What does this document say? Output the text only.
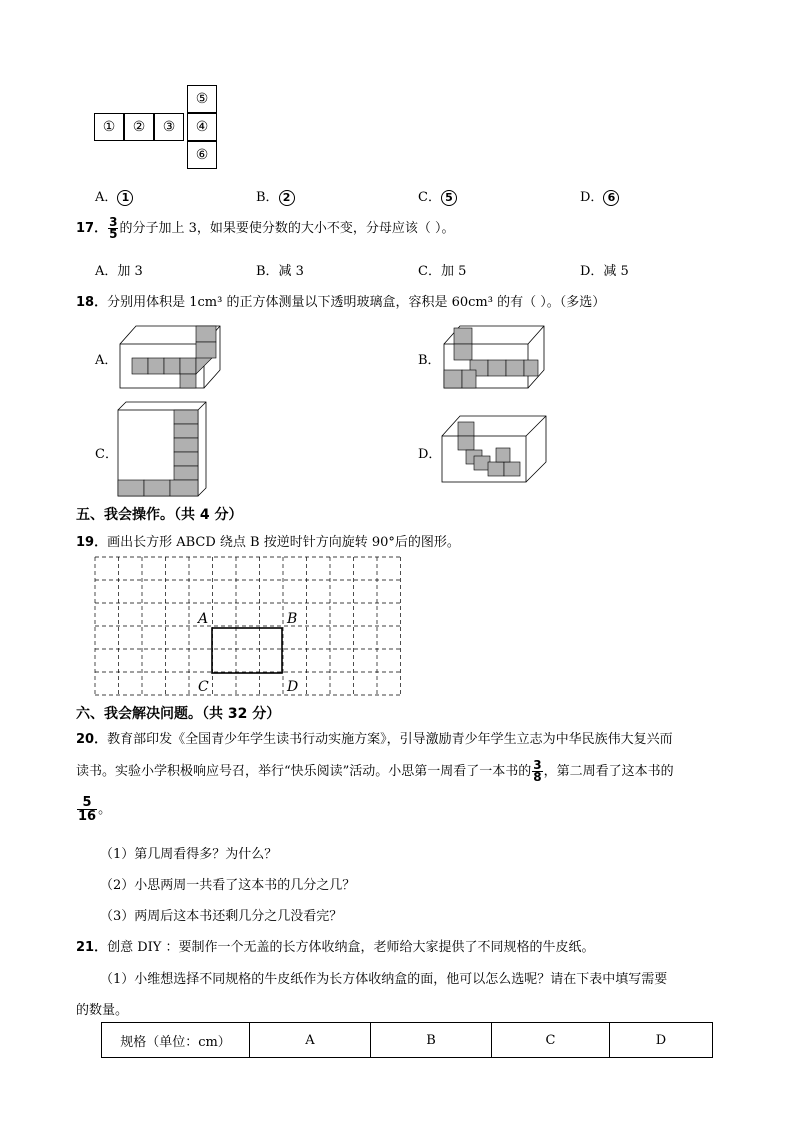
①	②	③	④
⑤
⑥
A． 1	B． 2	C． 5	D． 6
17． $\frac{3}{5}$ 的分子加上 3，如果要使分数的大小不变，分母应该（ ）。
A．加 3	B．减 3	C．加 5	D．减 5
18．分别用体积是 1cm³ 的正方体测量以下透明玻璃盒，容积是 60cm³ 的有（ ）。（多选）
A．	B．
C．	D．
五、我会操作。（共 4 分）
19．画出长方形 ABCD 绕点 B 按逆时针方向旋转 90°后的图形。
A	B
C	D
六、我会解决问题。（共 32 分）
20．教育部印发《全国青少年学生读书行动实施方案》，引导激励青少年学生立志为中华民族伟大复兴而
读书。实验小学积极响应号召，举行“快乐阅读”活动。小思第一周看了一本书的 $\frac{3}{8}$ ，第二周看了这本书的
$\frac{5}{16}$ 。
（1）第几周看得多？为什么？
（2）小思两周一共看了这本书的几分之几？
（3）两周后这本书还剩几分之几没看完？
21．创意 DIY ：要制作一个无盖的长方体收纳盒，老师给大家提供了不同规格的牛皮纸。
（1）小维想选择不同规格的牛皮纸作为长方体收纳盒的面，他可以怎么选呢？请在下表中填写需要
的数量。
规格（单位：cm）	A	B	C	D
